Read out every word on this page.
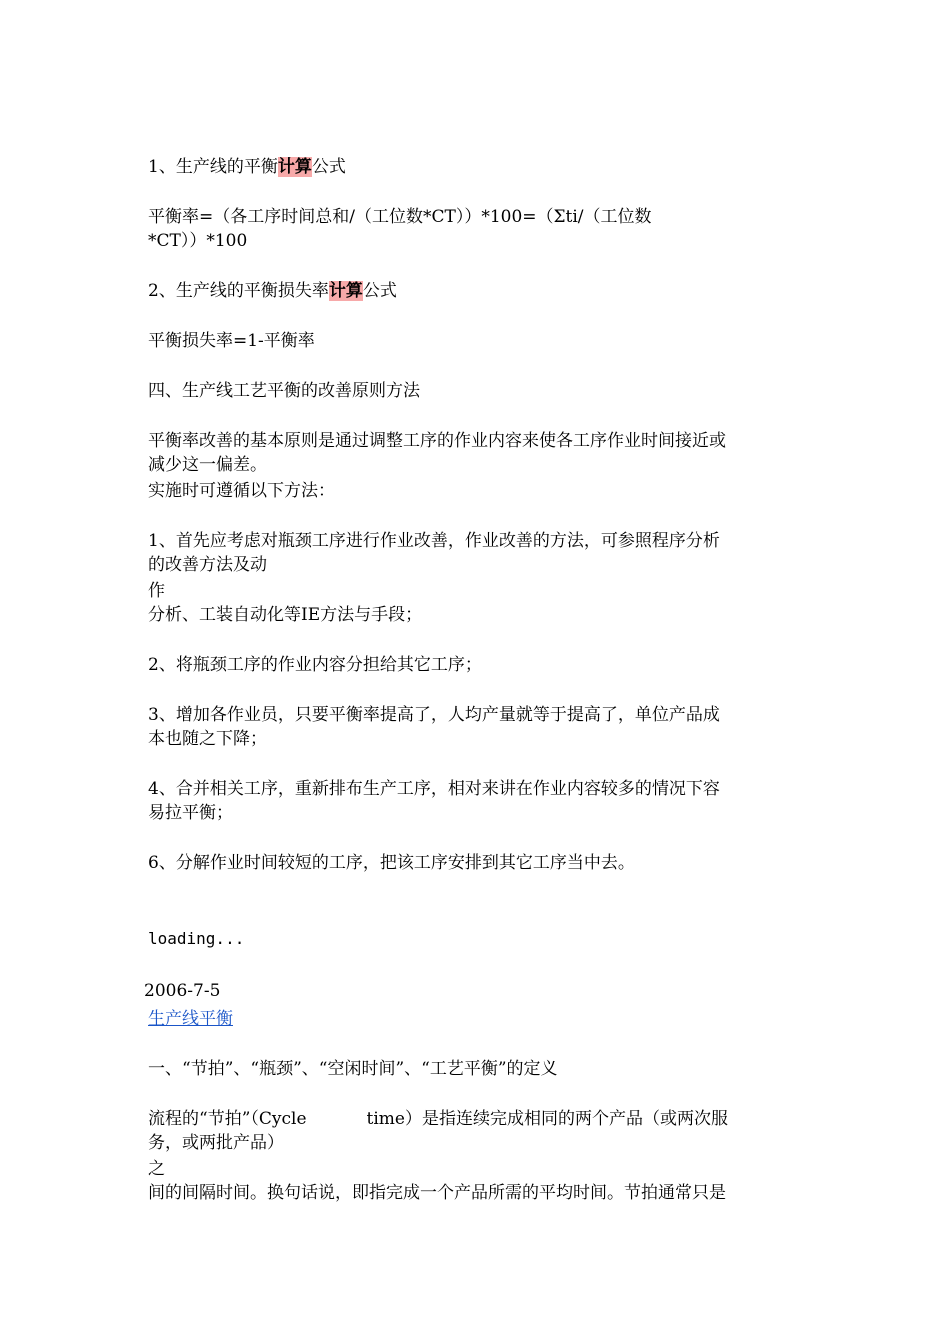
1、生产线的平衡计算公式
平衡率=（各工序时间总和/（工位数*CT））*100=（Σti/（工位数
*CT））*100
2、生产线的平衡损失率计算公式
平衡损失率=1-平衡率
四、生产线工艺平衡的改善原则方法
平衡率改善的基本原则是通过调整工序的作业内容来使各工序作业时间接近或
减少这一偏差。
实施时可遵循以下方法：
1、首先应考虑对瓶颈工序进行作业改善，作业改善的方法，可参照程序分析
的改善方法及动
作
分析、工装自动化等IE方法与手段；
2、将瓶颈工序的作业内容分担给其它工序；
3、增加各作业员，只要平衡率提高了，人均产量就等于提高了，单位产品成
本也随之下降；
4、合并相关工序，重新排布生产工序，相对来讲在作业内容较多的情况下容
易拉平衡；
6、分解作业时间较短的工序，把该工序安排到其它工序当中去。
loading...
2006-7-5
生产线平衡
一、“节拍”、“瓶颈”、“空闲时间”、“工艺平衡”的定义
流程的“节拍”（Cycle	time）是指连续完成相同的两个产品（或两次服
务，或两批产品）
之
间的间隔时间。换句话说，即指完成一个产品所需的平均时间。节拍通常只是
